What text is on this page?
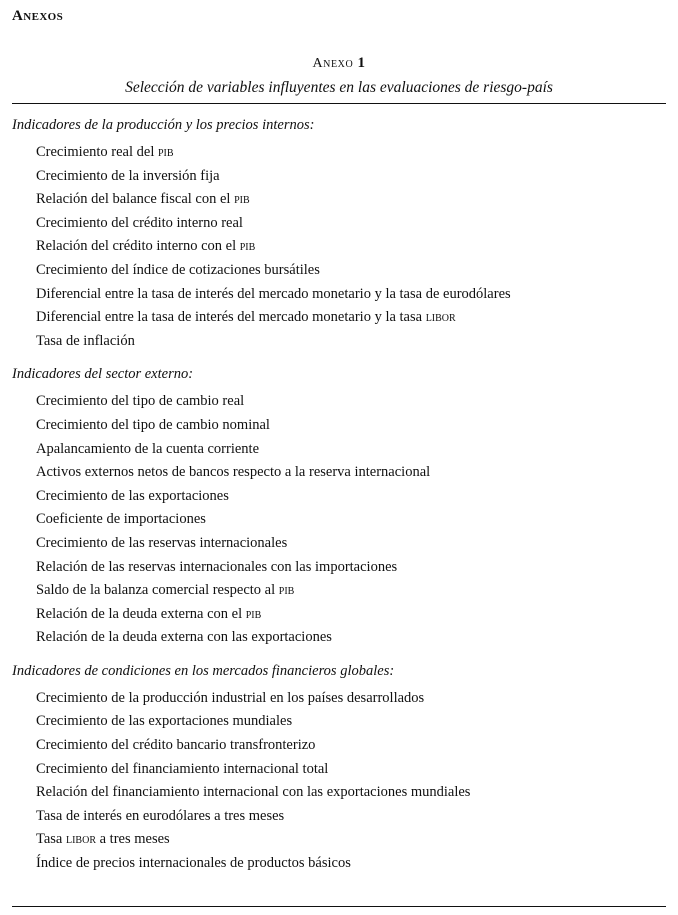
Anexos
Anexo 1
Selección de variables influyentes en las evaluaciones de riesgo-país
Indicadores de la producción y los precios internos:
Crecimiento real del pib
Crecimiento de la inversión fija
Relación del balance fiscal con el pib
Crecimiento del crédito interno real
Relación del crédito interno con el pib
Crecimiento del índice de cotizaciones bursátiles
Diferencial entre la tasa de interés del mercado monetario y la tasa de eurodólares
Diferencial entre la tasa de interés del mercado monetario y la tasa libor
Tasa de inflación
Indicadores del sector externo:
Crecimiento del tipo de cambio real
Crecimiento del tipo de cambio nominal
Apalancamiento de la cuenta corriente
Activos externos netos de bancos respecto a la reserva internacional
Crecimiento de las exportaciones
Coeficiente de importaciones
Crecimiento de las reservas internacionales
Relación de las reservas internacionales con las importaciones
Saldo de la balanza comercial respecto al pib
Relación de la deuda externa con el pib
Relación de la deuda externa con las exportaciones
Indicadores de condiciones en los mercados financieros globales:
Crecimiento de la producción industrial en los países desarrollados
Crecimiento de las exportaciones mundiales
Crecimiento del crédito bancario transfronterizo
Crecimiento del financiamiento internacional total
Relación del financiamiento internacional con las exportaciones mundiales
Tasa de interés en eurodólares a tres meses
Tasa libor a tres meses
Índice de precios internacionales de productos básicos
